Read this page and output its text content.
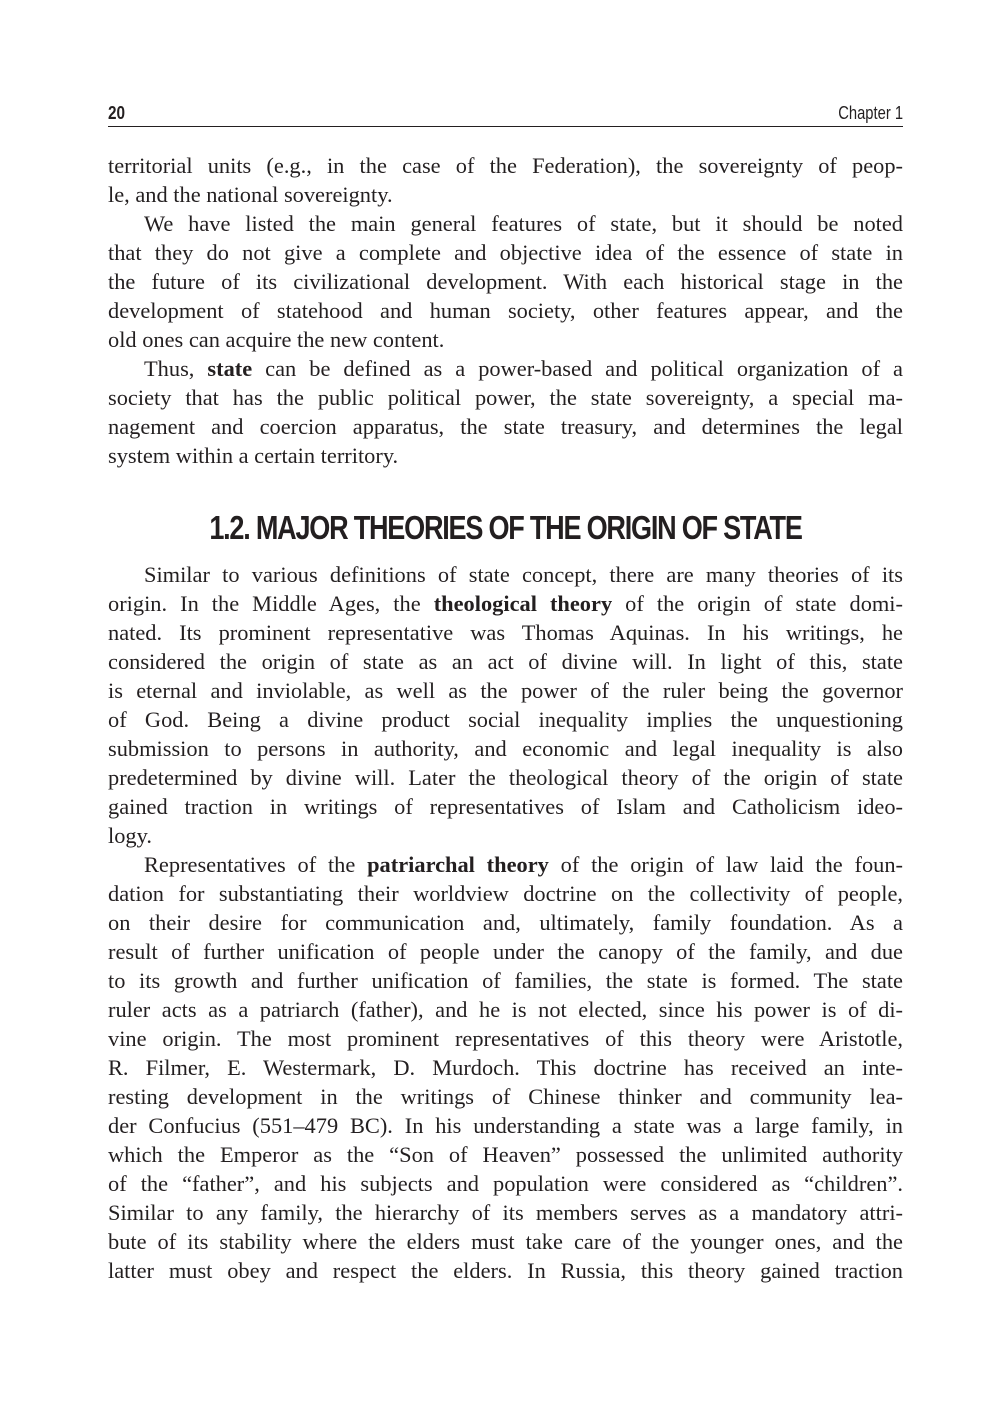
20	Chapter 1
territorial units (e.g., in the case of the Federation), the sovereignty of peop-
le, and the national sovereignty.
We have listed the main general features of state, but it should be noted
that they do not give a complete and objective idea of the essence of state in
the future of its civilizational development. With each historical stage in the
development of statehood and human society, other features appear, and the
old ones can acquire the new content.
Thus, state can be defined as a power-based and political organization of a
society that has the public political power, the state sovereignty, a special ma-
nagement and coercion apparatus, the state treasury, and determines the legal
system within a certain territory.
1.2. MAJOR THEORIES OF THE ORIGIN OF STATE
Similar to various definitions of state concept, there are many theories of its
origin. In the Middle Ages, the theological theory of the origin of state domi-
nated. Its prominent representative was Thomas Aquinas. In his writings, he
considered the origin of state as an act of divine will. In light of this, state
is eternal and inviolable, as well as the power of the ruler being the governor
of God. Being a divine product social inequality implies the unquestioning
submission to persons in authority, and economic and legal inequality is also
predetermined by divine will. Later the theological theory of the origin of state
gained traction in writings of representatives of Islam and Catholicism ideo-
logy.
Representatives of the patriarchal theory of the origin of law laid the foun-
dation for substantiating their worldview doctrine on the collectivity of people,
on their desire for communication and, ultimately, family foundation. As a
result of further unification of people under the canopy of the family, and due
to its growth and further unification of families, the state is formed. The state
ruler acts as a patriarch (father), and he is not elected, since his power is of di-
vine origin. The most prominent representatives of this theory were Aristotle,
R. Filmer, E. Westermark, D. Murdoch. This doctrine has received an inte-
resting development in the writings of Chinese thinker and community lea-
der Confucius (551–479 BC). In his understanding a state was a large family, in
which the Emperor as the “Son of Heaven” possessed the unlimited authority
of the “father”, and his subjects and population were considered as “children”.
Similar to any family, the hierarchy of its members serves as a mandatory attri-
bute of its stability where the elders must take care of the younger ones, and the
latter must obey and respect the elders. In Russia, this theory gained traction
